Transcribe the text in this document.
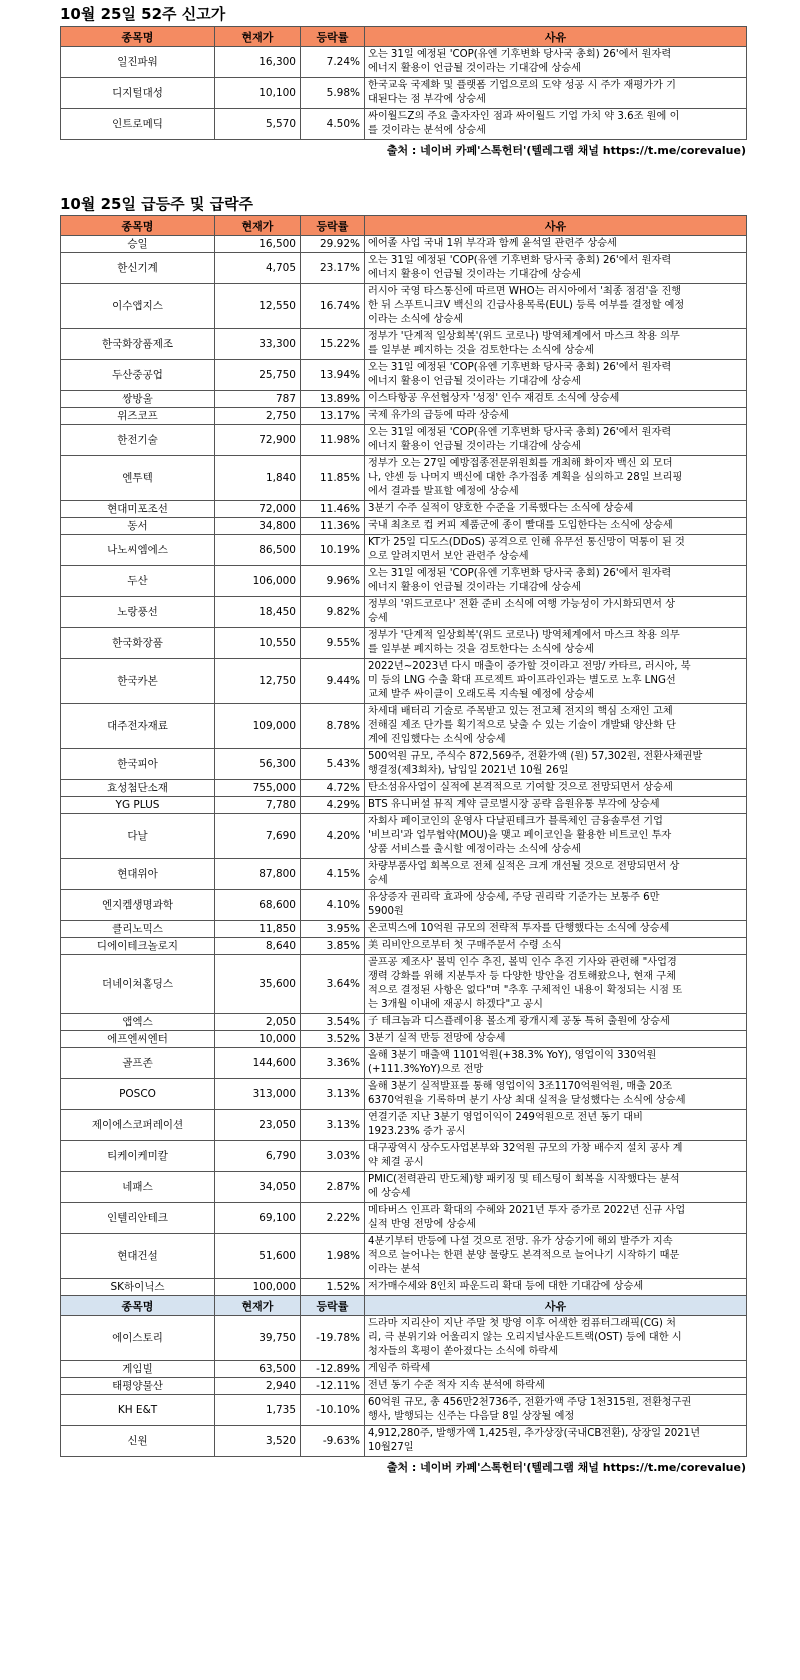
10월 25일 52주 신고가
종목명	현재가	등락률	사유
일진파워	16,300	7.24%	오는 31일 예정된 'COP(유엔 기후변화 당사국 총회) 26'에서 원자력
에너지 활용이 언급될 것이라는 기대감에 상승세
디지털대성	10,100	5.98%	한국교육 국제화 및 플랫폼 기업으로의 도약 성공 시 주가 재평가가 기
대된다는 점 부각에 상승세
인트로메딕	5,570	4.50%	싸이월드Z의 주요 출자자인 점과 싸이월드 기업 가치 약 3.6조 원에 이
를 것이라는 분석에 상승세
출처 : 네이버 카페'스톡헌터'(텔레그램 채널 https://t.me/corevalue)
10월 25일 급등주 및 급락주
종목명	현재가	등락률	사유
승일	16,500	29.92%	에어졸 사업 국내 1위 부각과 함께 윤석열 관련주 상승세
한신기계	4,705	23.17%	오는 31일 예정된 'COP(유엔 기후변화 당사국 총회) 26'에서 원자력
에너지 활용이 언급될 것이라는 기대감에 상승세
이수앱지스	12,550	16.74%	러시아 국영 타스통신에 따르면 WHO는 러시아에서 '최종 점검'을 진행
한 뒤 스푸트니크V 백신의 긴급사용목록(EUL) 등록 여부를 결정할 예정
이라는 소식에 상승세
한국화장품제조	33,300	15.22%	정부가 '단계적 일상회복'(위드 코로나) 방역체계에서 마스크 착용 의무
를 일부분 폐지하는 것을 검토한다는 소식에 상승세
두산중공업	25,750	13.94%	오는 31일 예정된 'COP(유엔 기후변화 당사국 총회) 26'에서 원자력
에너지 활용이 언급될 것이라는 기대감에 상승세
쌍방울	787	13.89%	이스타항공 우선협상자 '성정' 인수 재검토 소식에 상승세
위즈코프	2,750	13.17%	국제 유가의 급등에 따라 상승세
한전기술	72,900	11.98%	오는 31일 예정된 'COP(유엔 기후변화 당사국 총회) 26'에서 원자력
에너지 활용이 언급될 것이라는 기대감에 상승세
엔투텍	1,840	11.85%	정부가 오는 27일 예방접종전문위원회를 개최해 화이자 백신 외 모더
나, 얀센 등 나머지 백신에 대한 추가접종 계획을 심의하고 28일 브리핑
에서 결과를 발표할 예정에 상승세
현대미포조선	72,000	11.46%	3분기 수주 실적이 양호한 수준을 기록했다는 소식에 상승세
동서	34,800	11.36%	국내 최초로 컵 커피 제품군에 종이 빨대를 도입한다는 소식에 상승세
나노씨엠에스	86,500	10.19%	KT가 25일 디도스(DDoS) 공격으로 인해 유무선 통신망이 먹통이 된 것
으로 알려지면서 보안 관련주 상승세
두산	106,000	9.96%	오는 31일 예정된 'COP(유엔 기후변화 당사국 총회) 26'에서 원자력
에너지 활용이 언급될 것이라는 기대감에 상승세
노랑풍선	18,450	9.82%	정부의 '위드코로나' 전환 준비 소식에 여행 가능성이 가시화되면서 상
승세
한국화장품	10,550	9.55%	정부가 '단계적 일상회복'(위드 코로나) 방역체계에서 마스크 착용 의무
를 일부분 폐지하는 것을 검토한다는 소식에 상승세
한국카본	12,750	9.44%	2022년~2023년 다시 매출이 증가할 것이라고 전망/ 카타르, 러시아, 북
미 등의 LNG 수출 확대 프로젝트 파이프라인과는 별도로 노후 LNG선
교체 발주 싸이클이 오래도록 지속될 예정에 상승세
대주전자재료	109,000	8.78%	차세대 배터리 기술로 주목받고 있는 전고체 전지의 핵심 소재인 고체
전해질 제조 단가를 획기적으로 낮출 수 있는 기술이 개발돼 양산화 단
계에 진입했다는 소식에 상승세
한국피아	56,300	5.43%	500억원 규모, 주식수 872,569주, 전환가액 (원) 57,302원, 전환사채권발
행결정(제3회차), 납입일 2021년 10월 26일
효성첨단소재	755,000	4.72%	탄소섬유사업이 실적에 본격적으로 기여할 것으로 전망되면서 상승세
YG PLUS	7,780	4.29%	BTS 유니버셜 뮤직 계약 글로벌시장 공략 음원유통 부각에 상승세
다날	7,690	4.20%	자회사 페이코인의 운영사 다날핀테크가 블록체인 금융솔루션 기업
'비브리'과 업무협약(MOU)을 맺고 페이코인을 활용한 비트코인 투자
상품 서비스를 출시할 예정이라는 소식에 상승세
현대위아	87,800	4.15%	차량부품사업 회복으로 전체 실적은 크게 개선될 것으로 전망되면서 상
승세
엔지켐생명과학	68,600	4.10%	유상증자 권리락 효과에 상승세, 주당 권리락 기준가는 보통주 6만
5900원
클리노믹스	11,850	3.95%	온코빅스에 10억원 규모의 전략적 투자를 단행했다는 소식에 상승세
디에이테크놀로지	8,640	3.85%	美 리비안으로부터 첫 구매주문서 수령 소식
더네이쳐홀딩스	35,600	3.64%	골프공 제조사' 볼빅 인수 추진, 볼빅 인수 추진 기사와 관련해 "사업경
쟁력 강화를 위해 지분투자 등 다양한 방안을 검토해왔으나, 현재 구체
적으로 결정된 사항은 없다"며 "추후 구체적인 내용이 확정되는 시점 또
는 3개월 이내에 재공시 하겠다"고 공시
앱엑스	2,050	3.54%	子 테크놈과 디스플레이용 볼소계 광개시제 공동 특허 출원에 상승세
에프엔씨엔터	10,000	3.52%	3분기 실적 반등 전망에 상승세
골프존	144,600	3.36%	올해 3분기 매출액 1101억원(+38.3% YoY), 영업이익 330억원
(+111.3%YoY)으로 전망
POSCO	313,000	3.13%	올해 3분기 실적발표를 통해 영업이익 3조1170억원억원, 매출 20조
6370억원을 기록하며 분기 사상 최대 실적을 달성했다는 소식에 상승세
제이에스코퍼레이션	23,050	3.13%	연결기준 지난 3분기 영업이익이 249억원으로 전년 동기 대비
1923.23% 증가 공시
티케이케미칼	6,790	3.03%	대구광역시 상수도사업본부와 32억원 규모의 가창 배수지 설치 공사 계
약 체결 공시
네패스	34,050	2.87%	PMIC(전력관리 반도체)향 패키징 및 테스팅이 회복을 시작했다는 분석
에 상승세
인텔리안테크	69,100	2.22%	메타버스 인프라 확대의 수혜와 2021년 투자 증가로 2022년 신규 사업
실적 반영 전망에 상승세
현대건설	51,600	1.98%	4분기부터 반등에 나설 것으로 전망. 유가 상승기에 해외 발주가 지속
적으로 늘어나는 한편 분양 물량도 본격적으로 늘어나기 시작하기 때문
이라는 분석
SK하이닉스	100,000	1.52%	저가매수세와 8인치 파운드리 확대 등에 대한 기대감에 상승세
종목명	현재가	등락률	사유
에이스토리	39,750	-19.78%	드라마 지리산이 지난 주말 첫 방영 이후 어색한 컴퓨터그래픽(CG) 처
리, 극 분위기와 어울리지 않는 오리지널사운드트랙(OST) 등에 대한 시
청자들의 혹평이 쏟아졌다는 소식에 하락세
게임빌	63,500	-12.89%	게임주 하락세
태평양물산	2,940	-12.11%	전년 동기 수준 적자 지속 분석에 하락세
KH E&T	1,735	-10.10%	60억원 규모, 총 456만2천736주, 전환가액 주당 1천315원, 전환청구권
행사, 발행되는 신주는 다음달 8일 상장될 예정
신원	3,520	-9.63%	4,912,280주, 발행가액 1,425원, 추가상장(국내CB전환), 상장일 2021년
10월27일
출처 : 네이버 카페'스톡헌터'(텔레그램 채널 https://t.me/corevalue)
